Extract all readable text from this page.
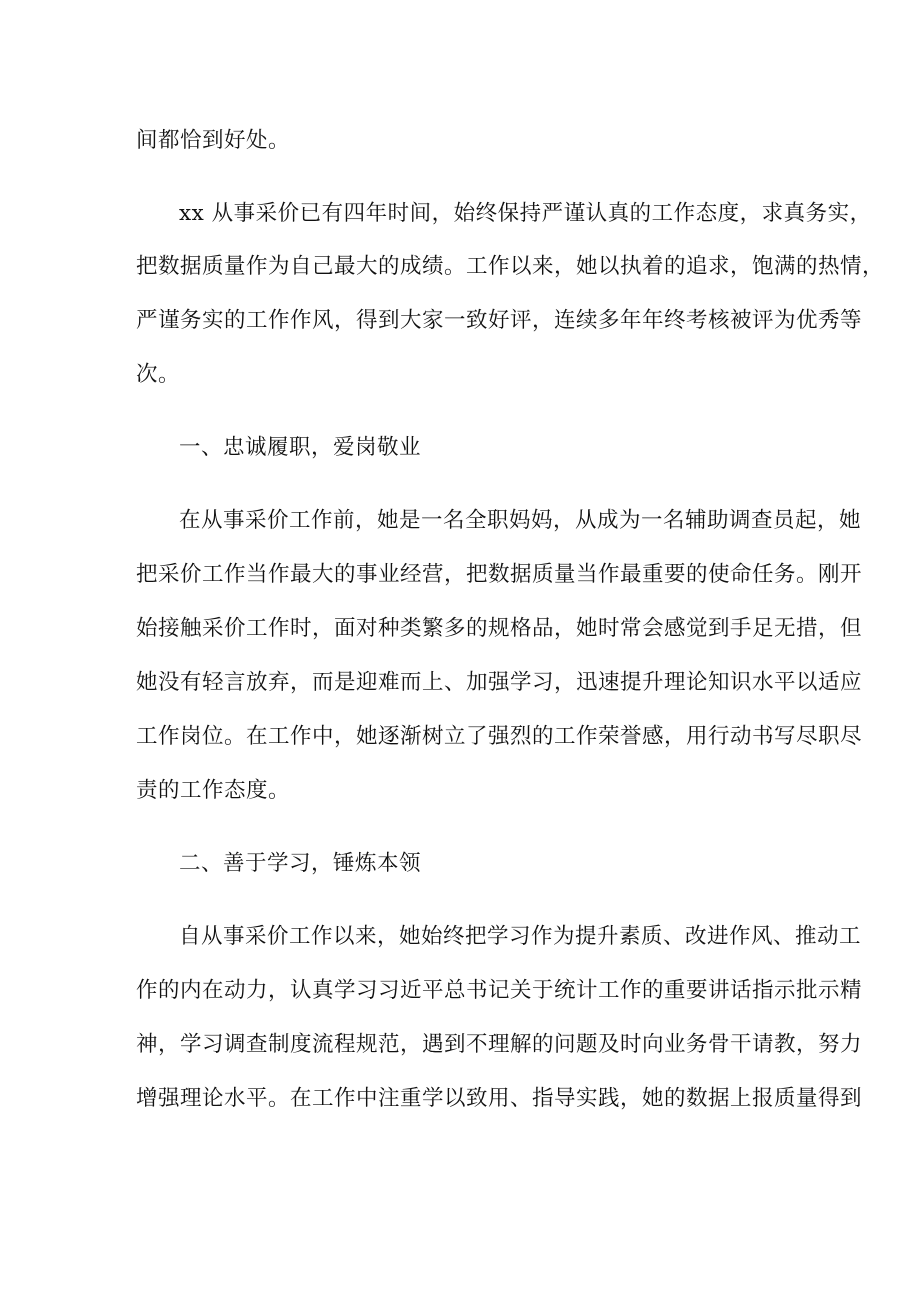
间都恰到好处。
xx 从事采价已有四年时间，始终保持严谨认真的工作态度，求真务实，
把数据质量作为自己最大的成绩。工作以来，她以执着的追求，饱满的热情，
严谨务实的工作作风，得到大家一致好评，连续多年年终考核被评为优秀等
次。
一、忠诚履职，爱岗敬业
在从事采价工作前，她是一名全职妈妈，从成为一名辅助调查员起，她
把采价工作当作最大的事业经营，把数据质量当作最重要的使命任务。刚开
始接触采价工作时，面对种类繁多的规格品，她时常会感觉到手足无措，但
她没有轻言放弃，而是迎难而上、加强学习，迅速提升理论知识水平以适应
工作岗位。在工作中，她逐渐树立了强烈的工作荣誉感，用行动书写尽职尽
责的工作态度。
二、善于学习，锤炼本领
自从事采价工作以来，她始终把学习作为提升素质、改进作风、推动工
作的内在动力，认真学习习近平总书记关于统计工作的重要讲话指示批示精
神，学习调查制度流程规范，遇到不理解的问题及时向业务骨干请教，努力
增强理论水平。在工作中注重学以致用、指导实践，她的数据上报质量得到
